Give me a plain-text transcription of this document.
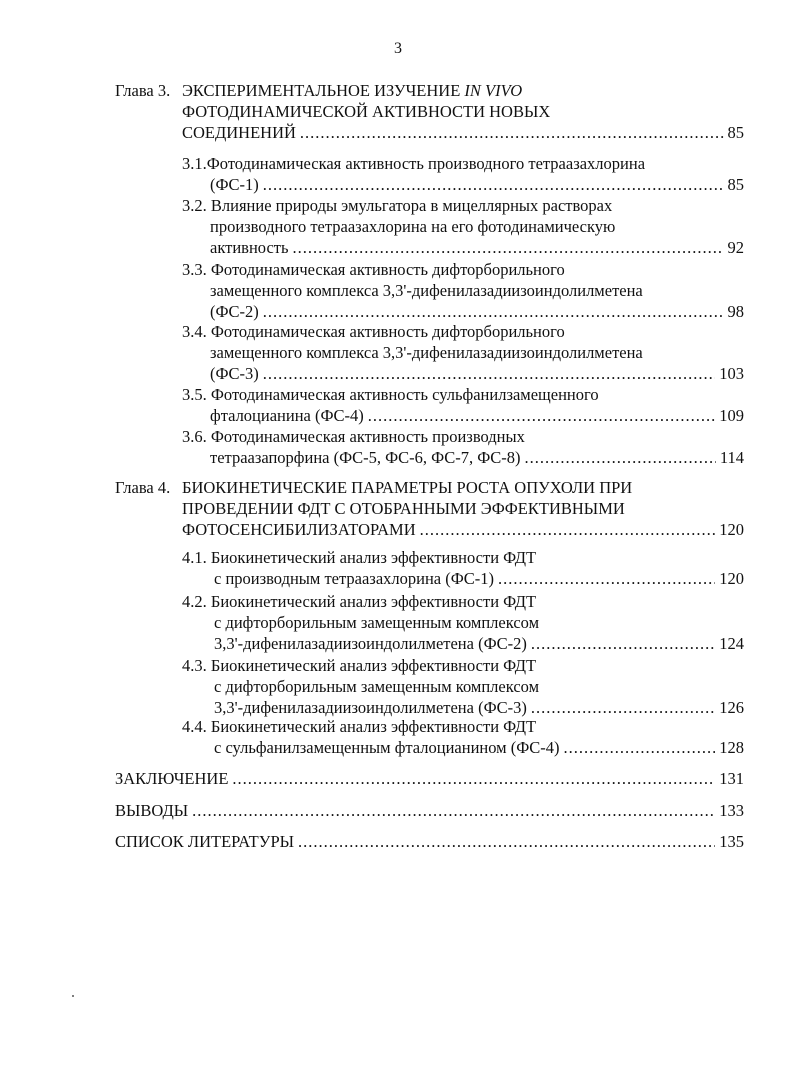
3
Глава 3. ЭКСПЕРИМЕНТАЛЬНОЕ ИЗУЧЕНИЕ IN VIVO
ФОТОДИНАМИЧЕСКОЙ АКТИВНОСТИ НОВЫХ
СОЕДИНЕНИЙ .....	85
3.1.Фотодинамическая активность производного тетраазахлорина
(ФС-1) .....	85
3.2. Влияние природы эмульгатора в мицеллярных растворах
производного тетраазахлорина на его фотодинамическую
активность .....	92
3.3. Фотодинамическая активность дифторборильного
замещенного комплекса 3,3'-дифенилазадиизоиндолилметена
(ФС-2) .....	98
3.4. Фотодинамическая активность дифторборильного
замещенного комплекса 3,3'-дифенилазадиизоиндолилметена
(ФС-3) .....	103
3.5. Фотодинамическая активность сульфанилзамещенного
фталоцианина (ФС-4) .....	109
3.6. Фотодинамическая активность производных
тетраазапорфина (ФС-5, ФС-6, ФС-7, ФС-8) .....	114
Глава 4. БИОКИНЕТИЧЕСКИЕ ПАРАМЕТРЫ РОСТА ОПУХОЛИ ПРИ
ПРОВЕДЕНИИ ФДТ С ОТОБРАННЫМИ ЭФФЕКТИВНЫМИ
ФОТОСЕНСИБИЛИЗАТОРАМИ .....	120
4.1. Биокинетический анализ эффективности ФДТ
с производным тетраазахлорина (ФС-1) .....	120
4.2. Биокинетический анализ эффективности ФДТ
с дифторборильным замещенным комплексом
3,3'-дифенилазадиизоиндолилметена (ФС-2) .....	124
4.3. Биокинетический анализ эффективности ФДТ
с дифторборильным замещенным комплексом
3,3'-дифенилазадиизоиндолилметена (ФС-3) .....	126
4.4. Биокинетический анализ эффективности ФДТ
с сульфанилзамещенным фталоцианином (ФС-4) .....	128
ЗАКЛЮЧЕНИЕ .....	131
ВЫВОДЫ .....	133
СПИСОК ЛИТЕРАТУРЫ .....	135
